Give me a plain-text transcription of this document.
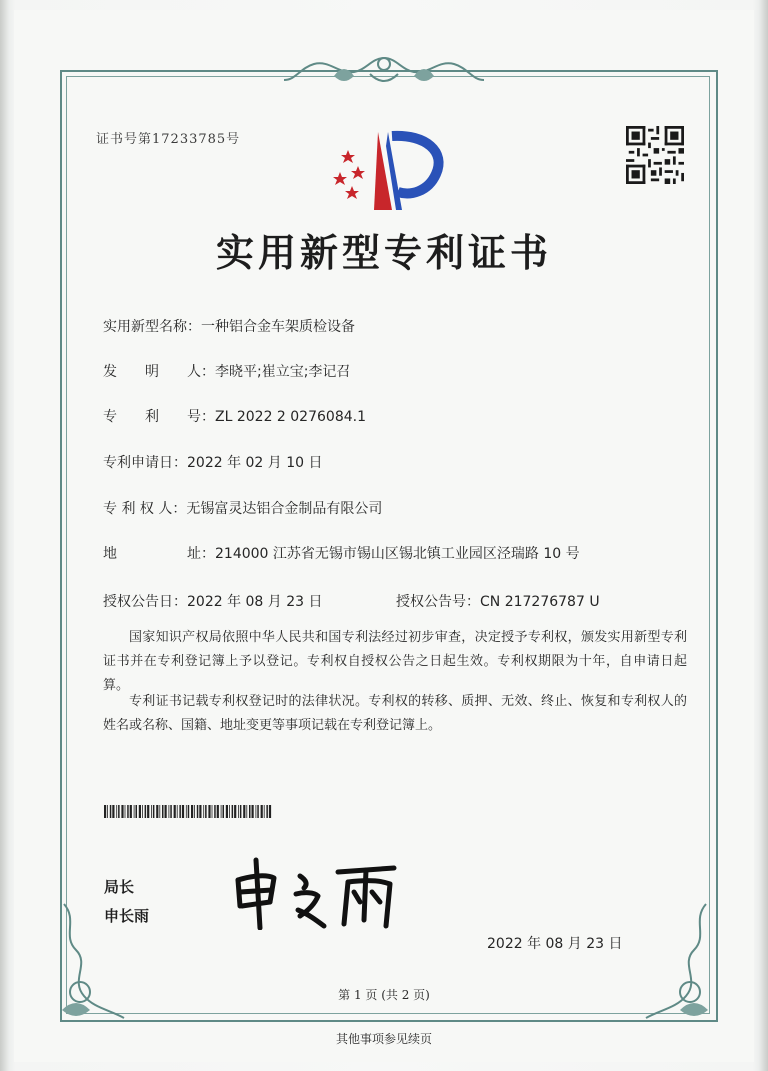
证书号第17233785号
实用新型专利证书
实用新型名称：一种铝合金车架质检设备
发　　明　　人：李晓平;崔立宝;李记召
专　　利　　号：ZL 2022 2 0276084.1
专利申请日：2022 年 02 月 10 日
专 利 权 人：无锡富灵达铝合金制品有限公司
地　　　　　址：214000 江苏省无锡市锡山区锡北镇工业园区泾瑞路 10 号
授权公告日：2022 年 08 月 23 日	授权公告号：CN 217276787 U
国家知识产权局依照中华人民共和国专利法经过初步审查，决定授予专利权，颁发实用新型专利证书并在专利登记簿上予以登记。专利权自授权公告之日起生效。专利权期限为十年，自申请日起算。
专利证书记载专利权登记时的法律状况。专利权的转移、质押、无效、终止、恢复和专利权人的姓名或名称、国籍、地址变更等事项记载在专利登记簿上。
局长
申长雨
2022 年 08 月 23 日
第 1 页 (共 2 页)
其他事项参见续页
